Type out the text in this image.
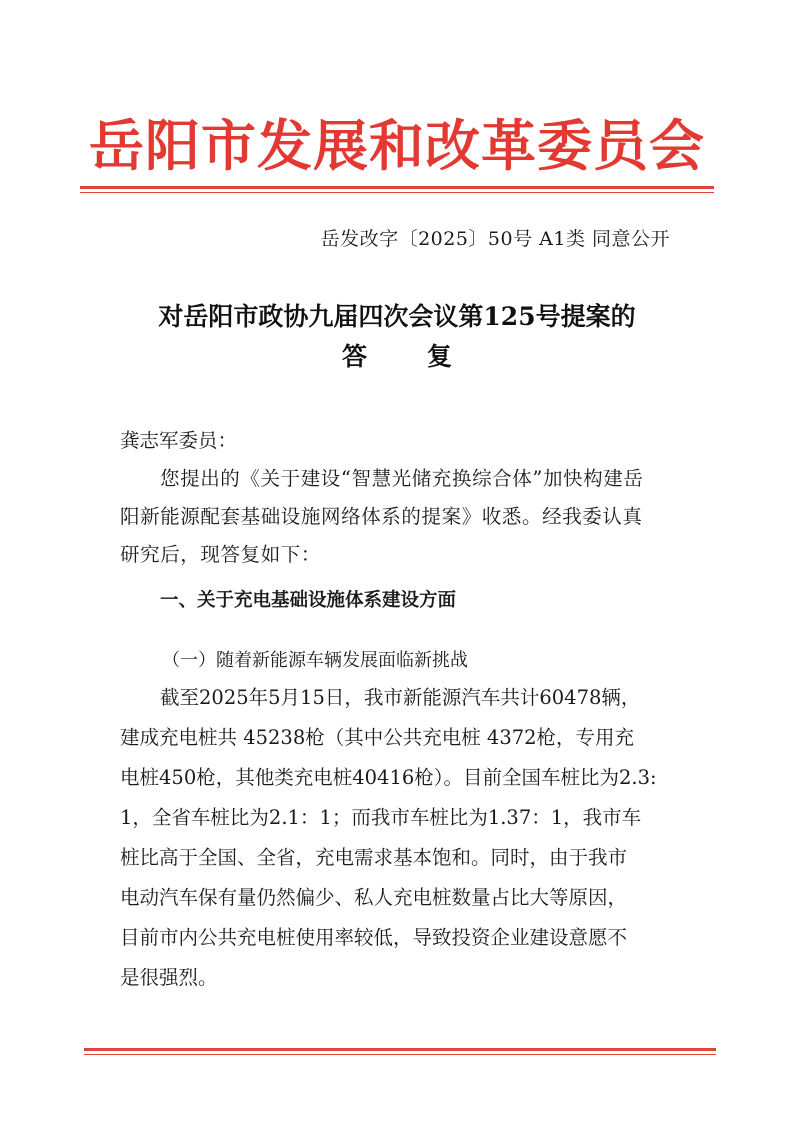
岳阳市发展和改革委员会
岳发改字〔2025〕50号 A1类 同意公开
对岳阳市政协九届四次会议第125号提案的
答复
龚志军委员：
您提出的《关于建设“智慧光储充换综合体”加快构建岳
阳新能源配套基础设施网络体系的提案》收悉。经我委认真
研究后，现答复如下：
一、关于充电基础设施体系建设方面
（一）随着新能源车辆发展面临新挑战
截至2025年5月15日，我市新能源汽车共计60478辆，
建成充电桩共 45238枪（其中公共充电桩 4372枪，专用充
电桩450枪，其他类充电桩40416枪）。目前全国车桩比为2.3:
1，全省车桩比为2.1：1；而我市车桩比为1.37：1，我市车
桩比高于全国、全省，充电需求基本饱和。同时，由于我市
电动汽车保有量仍然偏少、私人充电桩数量占比大等原因，
目前市内公共充电桩使用率较低，导致投资企业建设意愿不
是很强烈。
